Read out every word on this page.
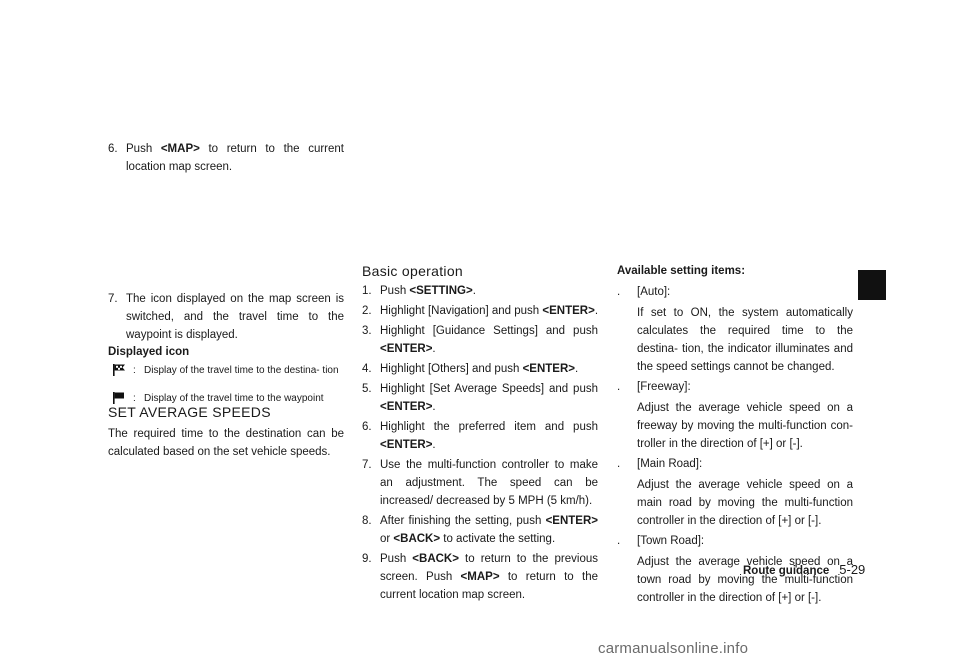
6. Push <MAP> to return to the current location map screen.
7. The icon displayed on the map screen is switched, and the travel time to the waypoint is displayed.
Displayed icon
: Display of the travel time to the destina- tion
: Display of the travel time to the waypoint
SET AVERAGE SPEEDS
The required time to the destination can be calculated based on the set vehicle speeds.
Basic operation
1. Push <SETTING>.
2. Highlight [Navigation] and push <ENTER>.
3. Highlight [Guidance Settings] and push <ENTER>.
4. Highlight [Others] and push <ENTER>.
5. Highlight [Set Average Speeds] and push <ENTER>.
6. Highlight the preferred item and push <ENTER>.
7. Use the multi-function controller to make an adjustment. The speed can be increased/ decreased by 5 MPH (5 km/h).
8. After finishing the setting, push <ENTER> or <BACK> to activate the setting.
9. Push <BACK> to return to the previous screen. Push <MAP> to return to the current location map screen.
Available setting items:
. [Auto]:
If set to ON, the system automatically calculates the required time to the destina- tion, the indicator illuminates and the speed settings cannot be changed.
. [Freeway]:
Adjust the average vehicle speed on a freeway by moving the multi-function con- troller in the direction of [+] or [-].
. [Main Road]:
Adjust the average vehicle speed on a main road by moving the multi-function controller in the direction of [+] or [-].
. [Town Road]:
Adjust the average vehicle speed on a town road by moving the multi-function controller in the direction of [+] or [-].
Route guidance 5-29
carmanualsonline.info
